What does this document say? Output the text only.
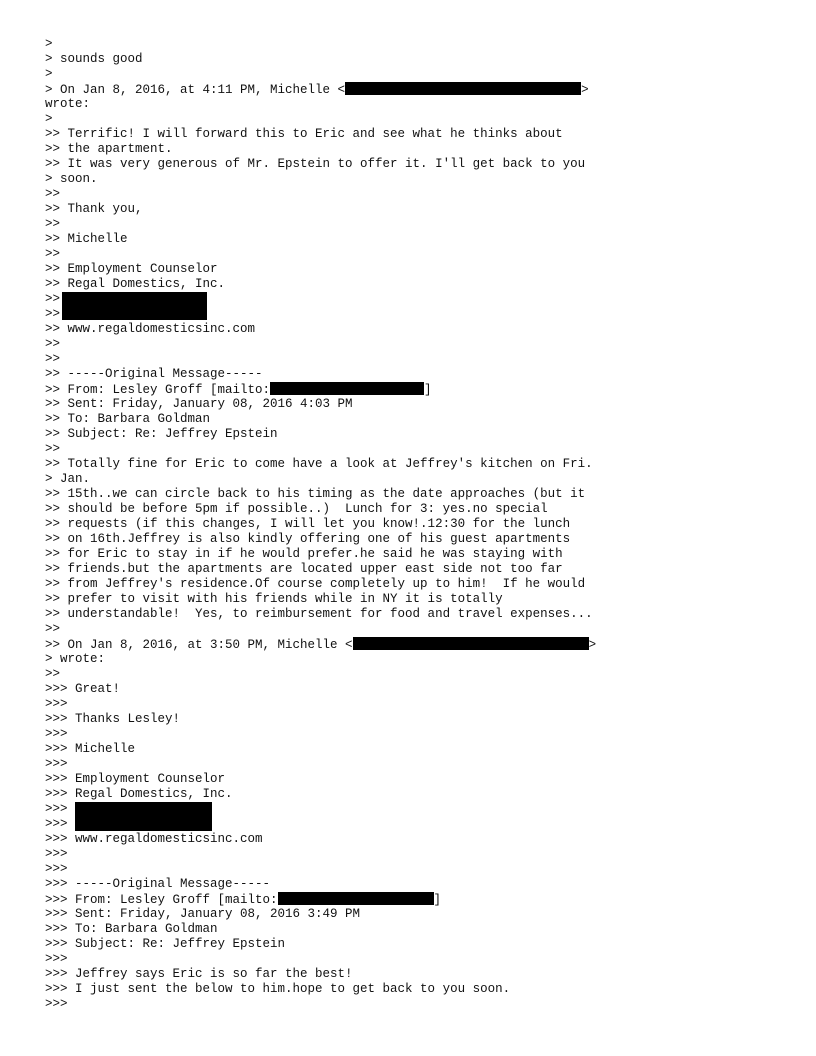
>
> sounds good
>
> On Jan 8, 2016, at 4:11 PM, Michelle <	>
wrote:
>
>> Terrific! I will forward this to Eric and see what he thinks about
>> the apartment.
>> It was very generous of Mr. Epstein to offer it. I'll get back to you
> soon.
>>
>> Thank you,
>>
>> Michelle
>>
>> Employment Counselor
>> Regal Domestics, Inc.
>>
>>
>> www.regaldomesticsinc.com
>>
>>
>> -----Original Message-----
>> From: Lesley Groff [mailto:	]
>> Sent: Friday, January 08, 2016 4:03 PM
>> To: Barbara Goldman
>> Subject: Re: Jeffrey Epstein
>>
>> Totally fine for Eric to come have a look at Jeffrey's kitchen on Fri.
> Jan.
>> 15th..we can circle back to his timing as the date approaches (but it
>> should be before 5pm if possible..)  Lunch for 3: yes.no special
>> requests (if this changes, I will let you know!.12:30 for the lunch
>> on 16th.Jeffrey is also kindly offering one of his guest apartments
>> for Eric to stay in if he would prefer.he said he was staying with
>> friends.but the apartments are located upper east side not too far
>> from Jeffrey's residence.Of course completely up to him!  If he would
>> prefer to visit with his friends while in NY it is totally
>> understandable!  Yes, to reimbursement for food and travel expenses...
>>
>> On Jan 8, 2016, at 3:50 PM, Michelle <	>
> wrote:
>>
>>> Great!
>>>
>>> Thanks Lesley!
>>>
>>> Michelle
>>>
>>> Employment Counselor
>>> Regal Domestics, Inc.
>>>
>>>
>>> www.regaldomesticsinc.com
>>>
>>>
>>> -----Original Message-----
>>> From: Lesley Groff [mailto:	]
>>> Sent: Friday, January 08, 2016 3:49 PM
>>> To: Barbara Goldman
>>> Subject: Re: Jeffrey Epstein
>>>
>>> Jeffrey says Eric is so far the best!
>>> I just sent the below to him.hope to get back to you soon.
>>>
